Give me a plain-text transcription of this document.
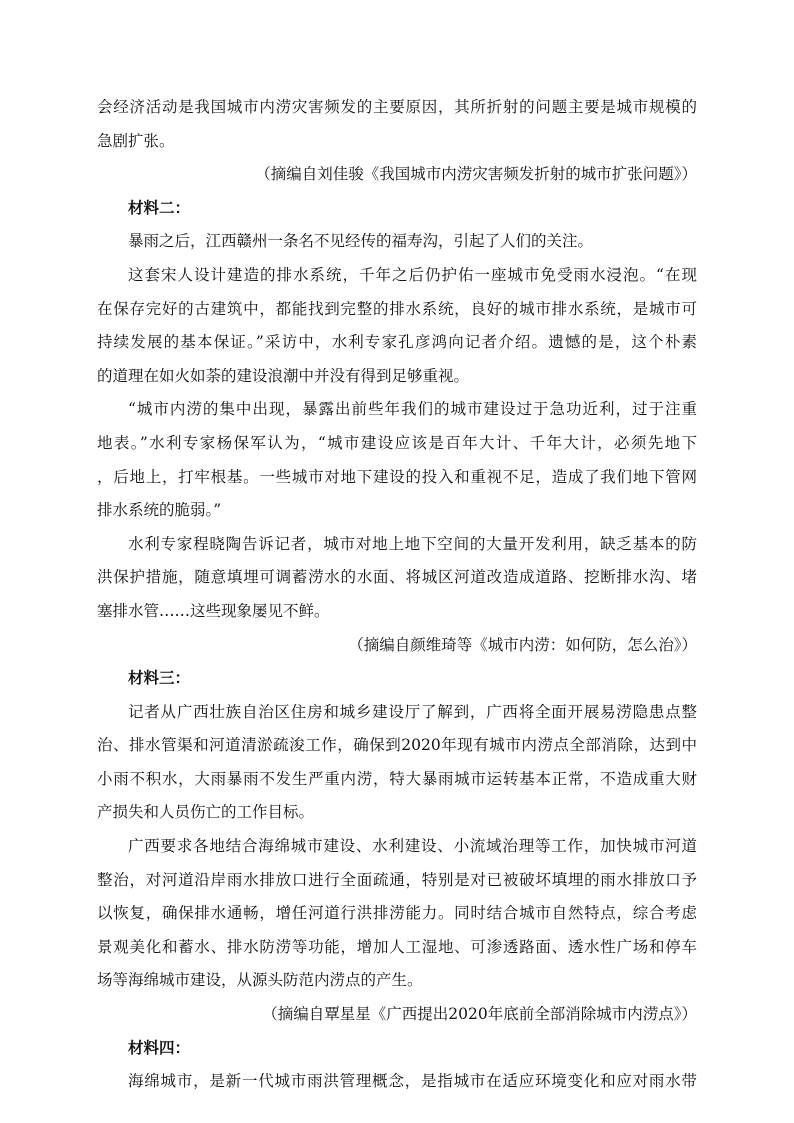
会经济活动是我国城市内涝灾害频发的主要原因，其所折射的问题主要是城市规模的
急剧扩张。
（摘编自刘佳骏《我国城市内涝灾害频发折射的城市扩张问题》）
材料二：
暴雨之后，江西赣州一条名不见经传的福寿沟，引起了人们的关注。
这套宋人设计建造的排水系统，千年之后仍护佑一座城市免受雨水浸泡。“在现
在保存完好的古建筑中，都能找到完整的排水系统，良好的城市排水系统，是城市可
持续发展的基本保证。”采访中，水利专家孔彦鸿向记者介绍。遗憾的是，这个朴素
的道理在如火如荼的建设浪潮中并没有得到足够重视。
“城市内涝的集中出现，暴露出前些年我们的城市建设过于急功近利，过于注重
地表。”水利专家杨保军认为，“城市建设应该是百年大计、千年大计，必须先地下
，后地上，打牢根基。一些城市对地下建设的投入和重视不足，造成了我们地下管网
排水系统的脆弱。”
水利专家程晓陶告诉记者，城市对地上地下空间的大量开发利用，缺乏基本的防
洪保护措施，随意填埋可调蓄涝水的水面、将城区河道改造成道路、挖断排水沟、堵
塞排水管……这些现象屡见不鲜。
（摘编自颜维琦等《城市内涝：如何防，怎么治》）
材料三：
记者从广西壮族自治区住房和城乡建设厅了解到，广西将全面开展易涝隐患点整
治、排水管渠和河道清淤疏浚工作，确保到2020年现有城市内涝点全部消除，达到中
小雨不积水，大雨暴雨不发生严重内涝，特大暴雨城市运转基本正常，不造成重大财
产损失和人员伤亡的工作目标。
广西要求各地结合海绵城市建设、水利建设、小流域治理等工作，加快城市河道
整治，对河道沿岸雨水排放口进行全面疏通，特别是对已被破坏填埋的雨水排放口予
以恢复，确保排水通畅，增任河道行洪排涝能力。同时结合城市自然特点，综合考虑
景观美化和蓄水、排水防涝等功能，增加人工湿地、可渗透路面、透水性广场和停车
场等海绵城市建设，从源头防范内涝点的产生。
（摘编自覃星星《广西提出2020年底前全部消除城市内涝点》）
材料四：
海绵城市，是新一代城市雨洪管理概念，是指城市在适应环境变化和应对雨水带
